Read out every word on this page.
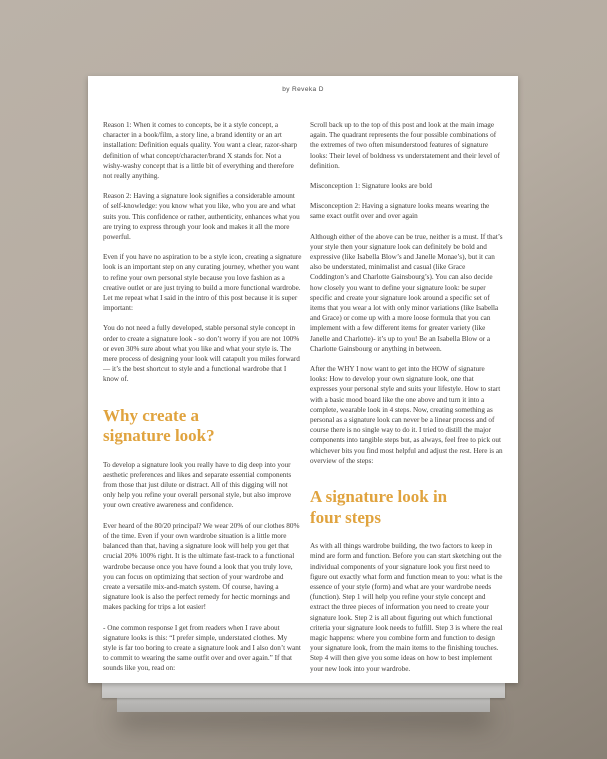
by Reveka D

Reason 1: When it comes to concepts, be it a style concept, a character in a book/film, a story line, a brand identity or an art installation: Definition equals quality. You want a clear, razor-sharp definition of what concept/character/brand X stands for. Not a wishy-washy concept that is a little bit of everything and therefore not really anything.

Reason 2: Having a signature look signifies a considerable amount of self-knowledge: you know what you like, who you are and what suits you. This confidence or rather, authenticity, enhances what you are trying to express through your look and makes it all the more powerful.

Even if you have no aspiration to be a style icon, creating a signature look is an important step on any curating journey, whether you want to refine your own personal style because you love fashion as a creative outlet or are just trying to build a more functional wardrobe. Let me repeat what I said in the intro of this post because it is super important:

You do not need a fully developed, stable personal style concept in order to create a signature look - so don’t worry if you are not 100% or even 30% sure about what you like and what your style is. The mere process of designing your look will catapult you miles forward — it’s the best shortcut to style and a functional wardrobe that I know of.

Why create a
signature look?

To develop a signature look you really have to dig deep into your aesthetic preferences and likes and separate essential components from those that just dilute or distract. All of this digging will not only help you refine your overall personal style, but also improve your own creative awareness and confidence.

Ever heard of the 80/20 principal? We wear 20% of our clothes 80% of the time. Even if your own wardrobe situation is a little more balanced than that, having a signature look will help you get that crucial 20% 100% right. It is the ultimate fast-track to a functional wardrobe because once you have found a look that you truly love, you can focus on optimizing that section of your wardrobe and create a versatile mix-and-match system. Of course, having a signature look is also the perfect remedy for hectic mornings and makes packing for trips a lot easier!

- One common response I get from readers when I rave about signature looks is this: “I prefer simple, understated clothes. My style is far too boring to create a signature look and I also don’t want to commit to wearing the same outfit over and over again.” If that sounds like you, read on:

Scroll back up to the top of this post and look at the main image again. The quadrant represents the four possible combinations of the extremes of two often misunderstood features of signature looks: Their level of boldness vs understatement and their level of definition.

Misconception 1: Signature looks are bold

Misconception 2: Having a signature looks means wearing the same exact outfit over and over again

Although either of the above can be true, neither is a must. If that’s your style then your signature look can definitely be bold and expressive (like Isabella Blow’s and Janelle Monae’s), but it can also be understated, minimalist and casual (like Grace Coddington’s and Charlotte Gainsbourg’s). You can also decide how closely you want to define your signature look: be super specific and create your signature look around a specific set of items that you wear a lot with only minor variations (like Isabella and Grace) or come up with a more loose formula that you can implement with a few different items for greater variety (like Janelle and Charlotte)- it’s up to you! Be an Isabella Blow or a Charlotte Gainsbourg or anything in between.

After the WHY I now want to get into the HOW of signature looks: How to develop your own signature look, one that expresses your personal style and suits your lifestyle. How to start with a basic mood board like the one above and turn it into a complete, wearable look in 4 steps. Now, creating something as personal as a signature look can never be a linear process and of course there is no single way to do it. I tried to distill the major components into tangible steps but, as always, feel free to pick out whichever bits you find most helpful and adjust the rest. Here is an overview of the steps:

A signature look in
four steps

As with all things wardrobe building, the two factors to keep in mind are form and function. Before you can start sketching out the individual components of your signature look you first need to figure out exactly what form and function mean to you: what is the essence of your style (form) and what are your wardrobe needs (function). Step 1 will help you refine your style concept and extract the three pieces of information you need to create your signature look. Step 2 is all about figuring out which functional criteria your signature look needs to fulfill. Step 3 is where the real magic happens: where you combine form and function to design your signature look, from the main items to the finishing touches. Step 4 will then give you some ideas on how to best implement your new look into your wardrobe.
